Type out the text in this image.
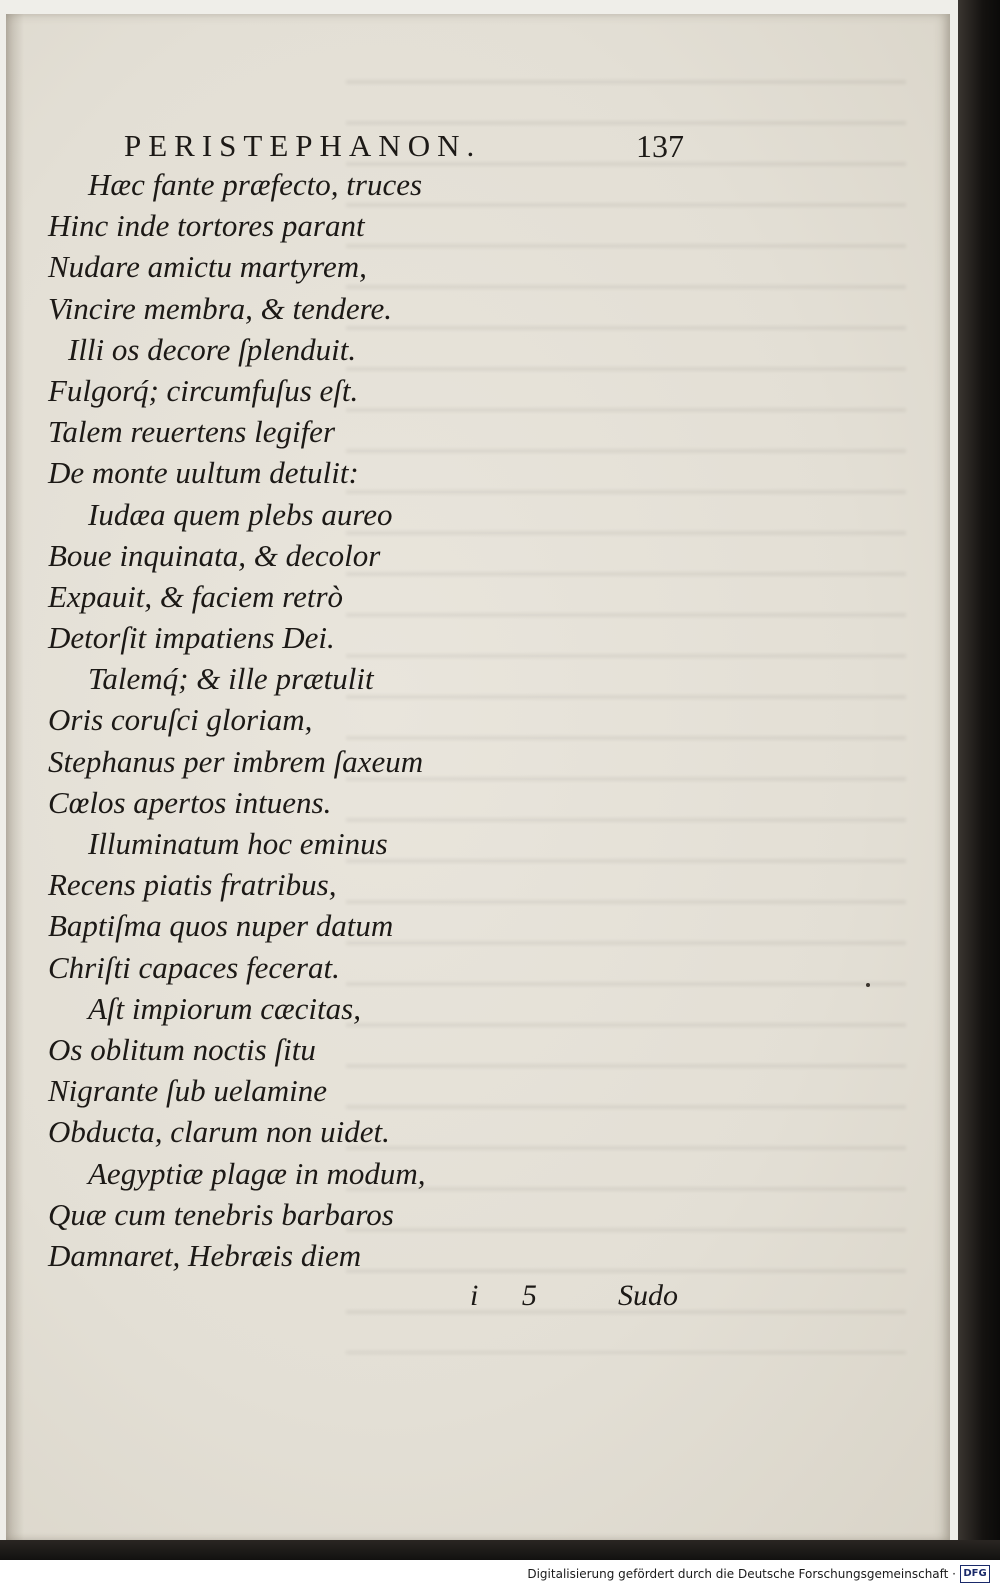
PERISTEPHANON.	137
Hæc fante præfecto, truces
Hinc inde tortores parant
Nudare amictu martyrem,
Vincire membra, & tendere.
Illi os decore ſplenduit.
Fulgorq́; circumfuſus eſt.
Talem reuertens legifer
De monte uultum detulit:
Iudæa quem plebs aureo
Boue inquinata, & decolor
Expauit, & faciem retrò
Detorſit impatiens Dei.
Talemq́; & ille prætulit
Oris coruſci gloriam,
Stephanus per imbrem ſaxeum
Cœlos apertos intuens.
Illuminatum hoc eminus
Recens piatis fratribus,
Baptiſma quos nuper datum
Chriſti capaces fecerat.
Aſt impiorum cæcitas,
Os oblitum noctis ſitu
Nigrante ſub uelamine
Obducta, clarum non uidet.
Aegyptiæ plagæ in modum,
Quæ cum tenebris barbaros
Damnaret, Hebræis diem
i 5	Sudo
Digitalisierung gefördert durch die Deutsche Forschungsgemeinschaft · DFG
